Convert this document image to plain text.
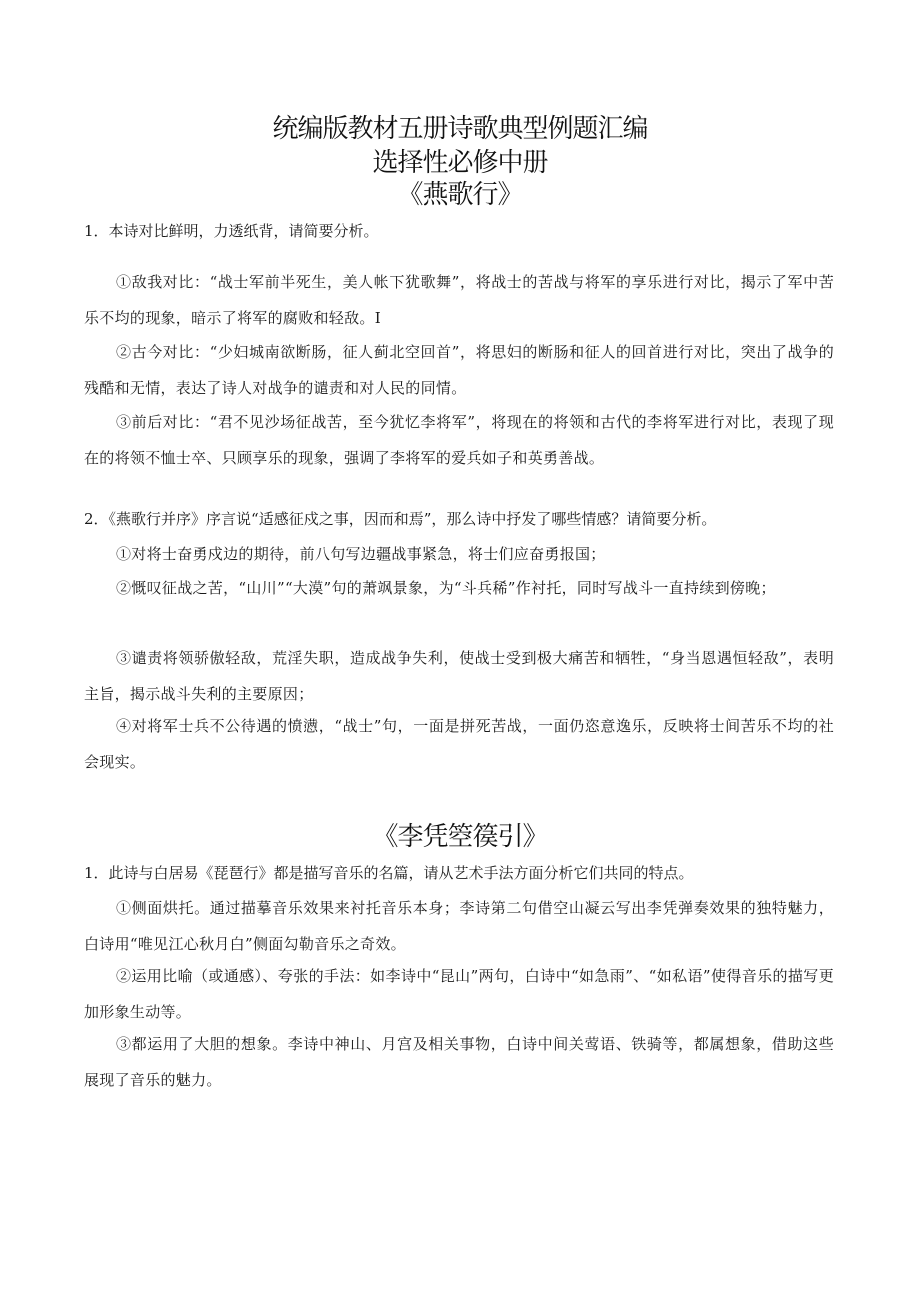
统编版教材五册诗歌典型例题汇编
选择性必修中册
《燕歌行》
1．本诗对比鲜明，力透纸背，请简要分析。
①敌我对比：“战士军前半死生，美人帐下犹歌舞”，将战士的苦战与将军的享乐进行对比，揭示了军中苦乐不均的现象，暗示了将军的腐败和轻敌。I
②古今对比：“少妇城南欲断肠，征人蓟北空回首”，将思妇的断肠和征人的回首进行对比，突出了战争的残酷和无情，表达了诗人对战争的谴责和对人民的同情。
③前后对比：“君不见沙场征战苦，至今犹忆李将军”，将现在的将领和古代的李将军进行对比，表现了现在的将领不恤士卒、只顾享乐的现象，强调了李将军的爱兵如子和英勇善战。
2．《燕歌行并序》序言说“适感征戍之事，因而和焉”，那么诗中抒发了哪些情感？请简要分析。
①对将士奋勇戍边的期待，前八句写边疆战事紧急，将士们应奋勇报国；
②慨叹征战之苦，“山川”“大漠”句的萧飒景象，为“斗兵稀”作衬托，同时写战斗一直持续到傍晚；
③谴责将领骄傲轻敌，荒淫失职，造成战争失利，使战士受到极大痛苦和牺牲，“身当恩遇恒轻敌”，表明主旨，揭示战斗失利的主要原因；
④对将军士兵不公待遇的愤懑，“战士”句，一面是拼死苦战，一面仍恣意逸乐，反映将士间苦乐不均的社会现实。
《李凭箜篌引》
1．此诗与白居易《琵琶行》都是描写音乐的名篇，请从艺术手法方面分析它们共同的特点。
①侧面烘托。通过描摹音乐效果来衬托音乐本身；李诗第二句借空山凝云写出李凭弹奏效果的独特魅力，白诗用“唯见江心秋月白”侧面勾勒音乐之奇效。
②运用比喻（或通感）、夸张的手法：如李诗中“昆山”两句，白诗中“如急雨”、“如私语”使得音乐的描写更加形象生动等。
③都运用了大胆的想象。李诗中神山、月宫及相关事物，白诗中间关莺语、铁骑等，都属想象，借助这些展现了音乐的魅力。
